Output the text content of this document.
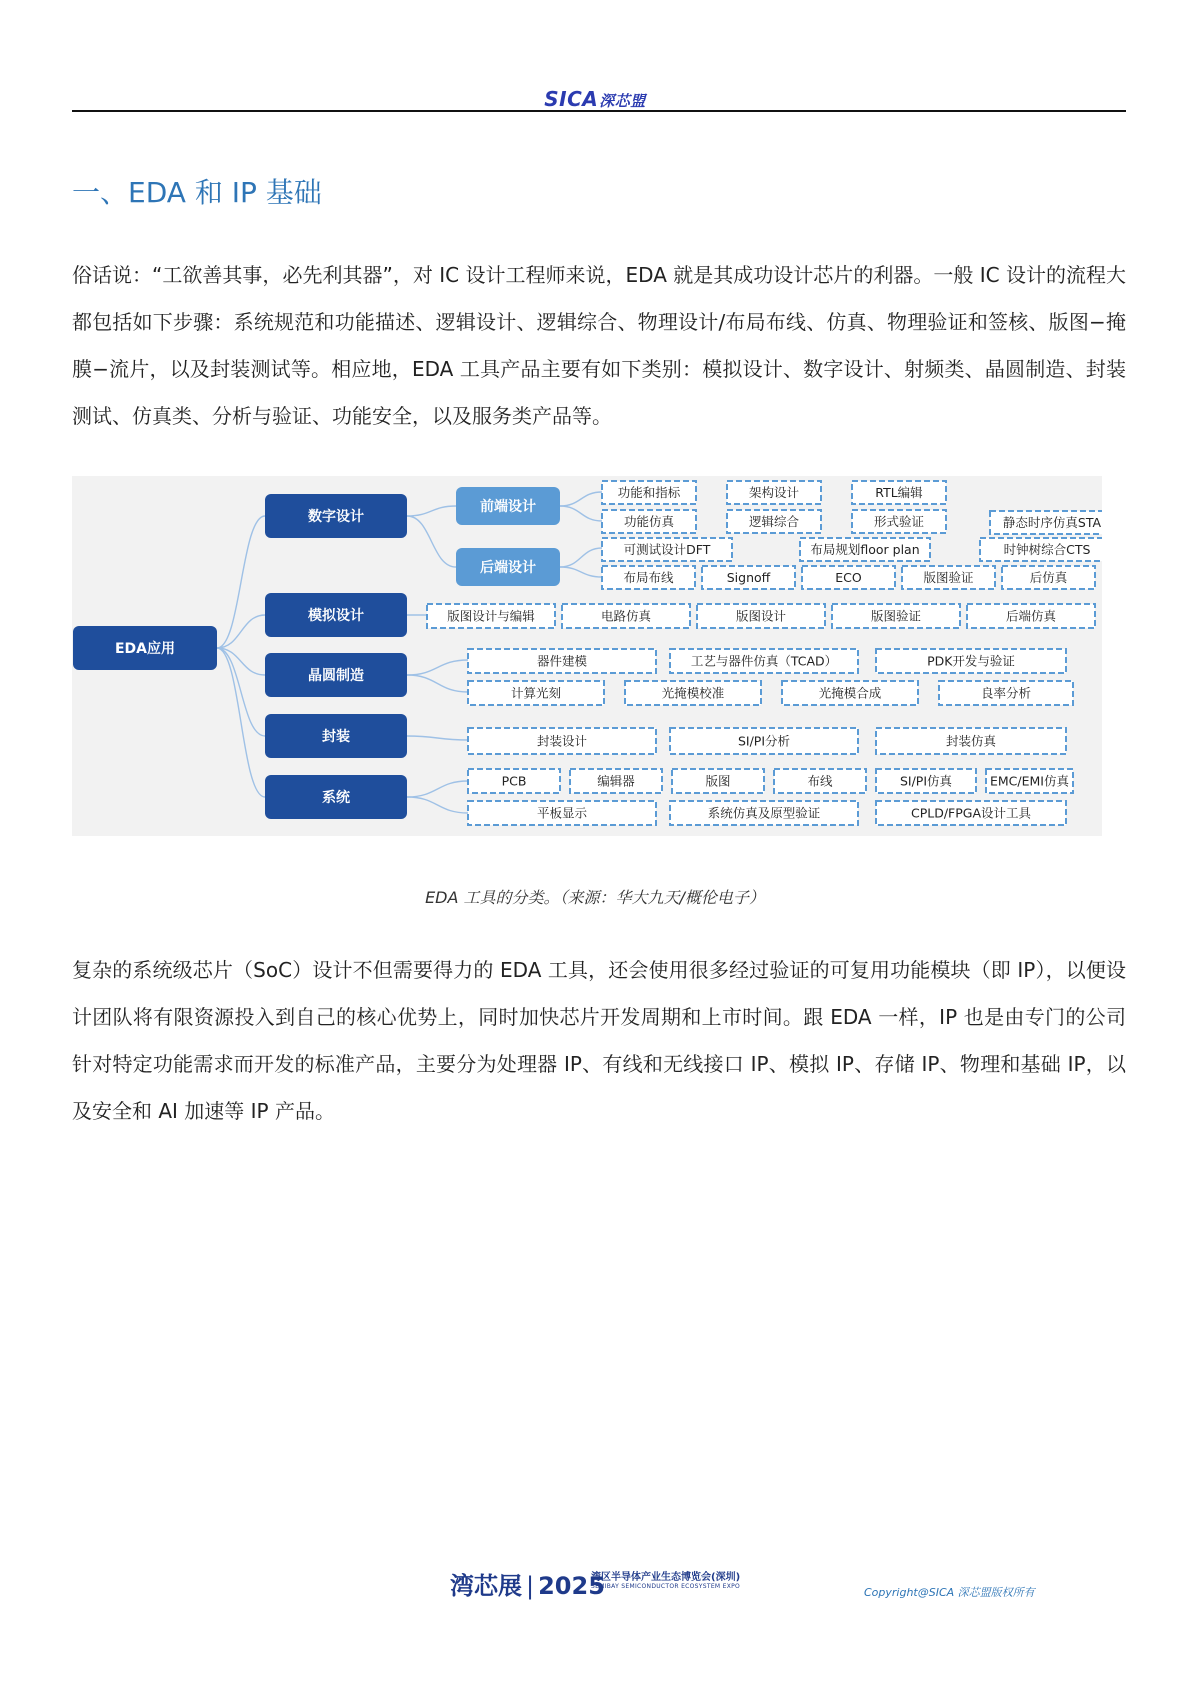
SICA深芯盟
一、EDA 和 IP 基础
俗话说：“工欲善其事，必先利其器”，对 IC 设计工程师来说，EDA 就是其成功设计芯片的利器。一般 IC 设计的流程大都包括如下步骤：系统规范和功能描述、逻辑设计、逻辑综合、物理设计/布局布线、仿真、物理验证和签核、版图−掩膜−流片，以及封装测试等。相应地，EDA 工具产品主要有如下类别：模拟设计、数字设计、射频类、晶圆制造、封装测试、仿真类、分析与验证、功能安全，以及服务类产品等。
EDA应用
数字设计
模拟设计
晶圆制造
封装
系统
前端设计
后端设计
功能和指标	架构设计	RTL编辑
功能仿真	逻辑综合	形式验证	静态时序仿真STA
可测试设计DFT	布局规划floor plan	时钟树综合CTS
布局布线	Signoff	ECO	版图验证	后仿真
版图设计与编辑	电路仿真	版图设计	版图验证	后端仿真
器件建模	工艺与器件仿真（TCAD）	PDK开发与验证
计算光刻	光掩模校准	光掩模合成	良率分析
封装设计	SI/PI分析	封装仿真
PCB	编辑器	版图	布线	SI/PI仿真	EMC/EMI仿真
平板显示	系统仿真及原型验证	CPLD/FPGA设计工具
EDA 工具的分类。（来源：华大九天/概伦电子）
复杂的系统级芯片（SoC）设计不但需要得力的 EDA 工具，还会使用很多经过验证的可复用功能模块（即 IP），以便设计团队将有限资源投入到自己的核心优势上，同时加快芯片开发周期和上市时间。跟 EDA 一样，IP 也是由专门的公司针对特定功能需求而开发的标准产品，主要分为处理器 IP、有线和无线接口 IP、模拟 IP、存储 IP、物理和基础 IP，以及安全和 AI 加速等 IP 产品。
湾芯展 | 2025
湾区半导体产业生态博览会(深圳)
SEMIBAY SEMICONDUCTOR ECOSYSTEM EXPO	Copyright@SICA 深芯盟版权所有
